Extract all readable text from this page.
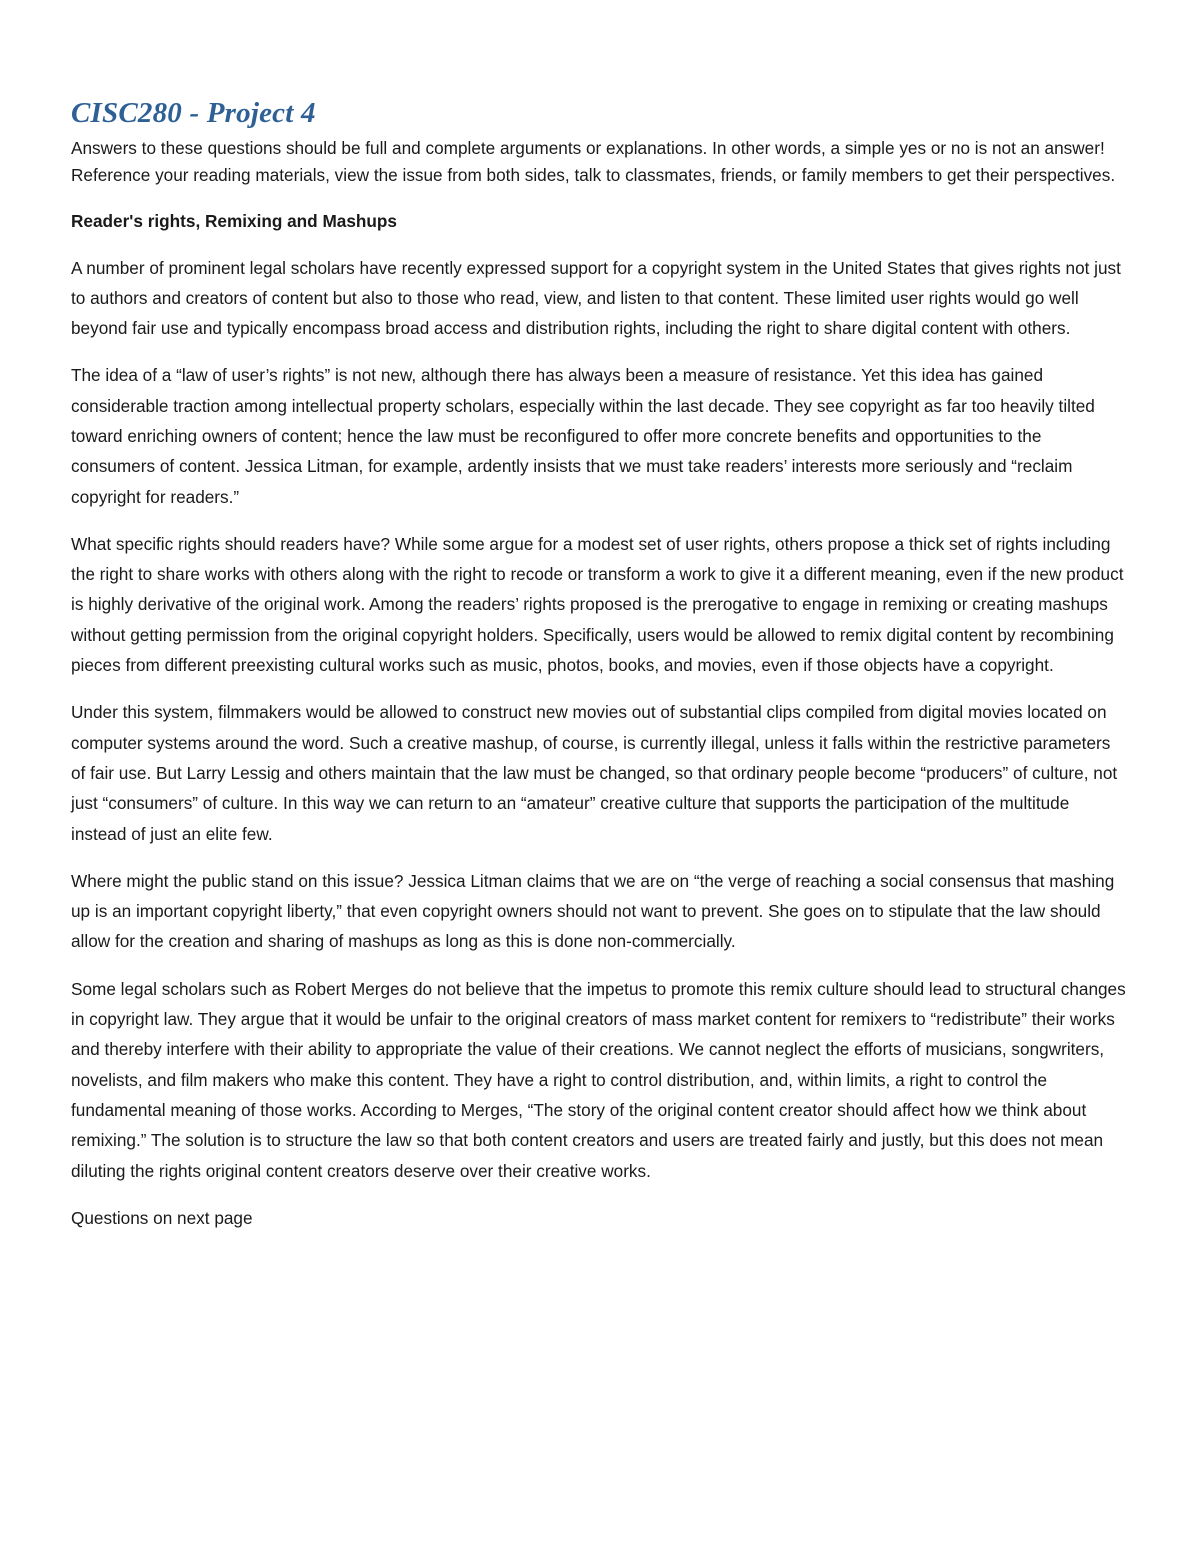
CISC280 - Project 4

Answers to these questions should be full and complete arguments or explanations. In other words, a simple yes or no is not an answer! Reference your reading materials, view the issue from both sides, talk to classmates, friends, or family members to get their perspectives.

Reader's rights, Remixing and Mashups

A number of prominent legal scholars have recently expressed support for a copyright system in the United States that gives rights not just to authors and creators of content but also to those who read, view, and listen to that content. These limited user rights would go well beyond fair use and typically encompass broad access and distribution rights, including the right to share digital content with others.

The idea of a “law of user’s rights” is not new, although there has always been a measure of resistance. Yet this idea has gained considerable traction among intellectual property scholars, especially within the last decade. They see copyright as far too heavily tilted toward enriching owners of content; hence the law must be reconfigured to offer more concrete benefits and opportunities to the consumers of content. Jessica Litman, for example, ardently insists that we must take readers’ interests more seriously and “reclaim copyright for readers.”

What specific rights should readers have? While some argue for a modest set of user rights, others propose a thick set of rights including the right to share works with others along with the right to recode or transform a work to give it a different meaning, even if the new product is highly derivative of the original work. Among the readers’ rights proposed is the prerogative to engage in remixing or creating mashups without getting permission from the original copyright holders. Specifically, users would be allowed to remix digital content by recombining pieces from different preexisting cultural works such as music, photos, books, and movies, even if those objects have a copyright.

Under this system, filmmakers would be allowed to construct new movies out of substantial clips compiled from digital movies located on computer systems around the word. Such a creative mashup, of course, is currently illegal, unless it falls within the restrictive parameters of fair use. But Larry Lessig and others maintain that the law must be changed, so that ordinary people become “producers” of culture, not just “consumers” of culture. In this way we can return to an “amateur” creative culture that supports the participation of the multitude instead of just an elite few.

Where might the public stand on this issue? Jessica Litman claims that we are on “the verge of reaching a social consensus that mashing up is an important copyright liberty,” that even copyright owners should not want to prevent. She goes on to stipulate that the law should allow for the creation and sharing of mashups as long as this is done non-commercially.

Some legal scholars such as Robert Merges do not believe that the impetus to promote this remix culture should lead to structural changes in copyright law. They argue that it would be unfair to the original creators of mass market content for remixers to “redistribute” their works and thereby interfere with their ability to appropriate the value of their creations. We cannot neglect the efforts of musicians, songwriters, novelists, and film makers who make this content. They have a right to control distribution, and, within limits, a right to control the fundamental meaning of those works. According to Merges, “The story of the original content creator should affect how we think about remixing.” The solution is to structure the law so that both content creators and users are treated fairly and justly, but this does not mean diluting the rights original content creators deserve over their creative works.

Questions on next page
